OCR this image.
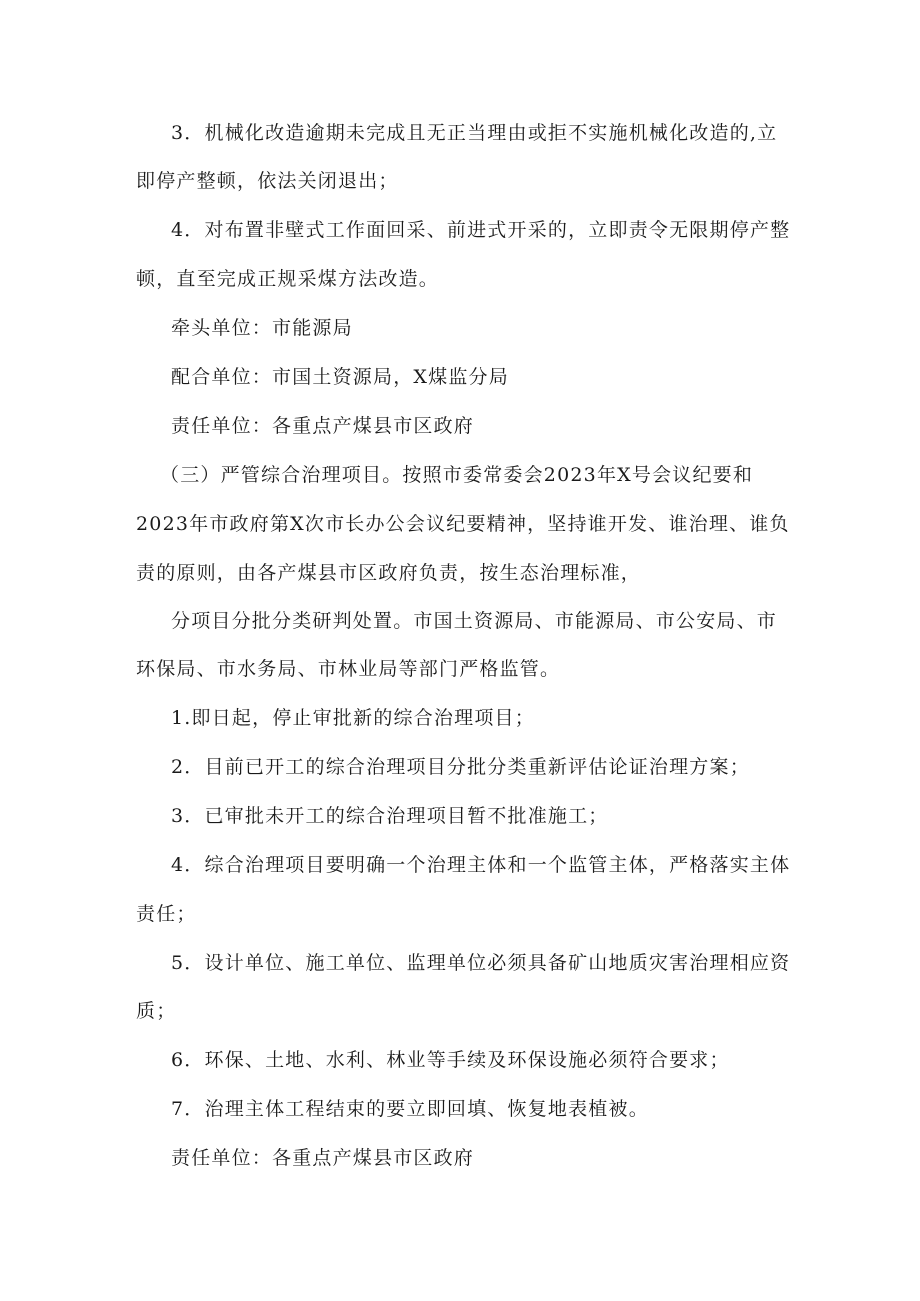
3．机械化改造逾期未完成且无正当理由或拒不实施机械化改造的,立
即停产整顿，依法关闭退出；
4．对布置非壁式工作面回采、前进式开采的，立即责令无限期停产整
顿，直至完成正规采煤方法改造。
牵头单位：市能源局
配合单位：市国土资源局，X煤监分局
责任单位：各重点产煤县市区政府
（三）严管综合治理项目。按照市委常委会2023年X号会议纪要和
2023年市政府第X次市长办公会议纪要精神，坚持谁开发、谁治理、谁负
责的原则，由各产煤县市区政府负责，按生态治理标准，
分项目分批分类研判处置。市国土资源局、市能源局、市公安局、市
环保局、市水务局、市林业局等部门严格监管。
1.即日起，停止审批新的综合治理项目；
2．目前已开工的综合治理项目分批分类重新评估论证治理方案；
3．已审批未开工的综合治理项目暂不批准施工；
4．综合治理项目要明确一个治理主体和一个监管主体，严格落实主体
责任；
5．设计单位、施工单位、监理单位必须具备矿山地质灾害治理相应资
质；
6．环保、土地、水利、林业等手续及环保设施必须符合要求；
7．治理主体工程结束的要立即回填、恢复地表植被。
责任单位：各重点产煤县市区政府
